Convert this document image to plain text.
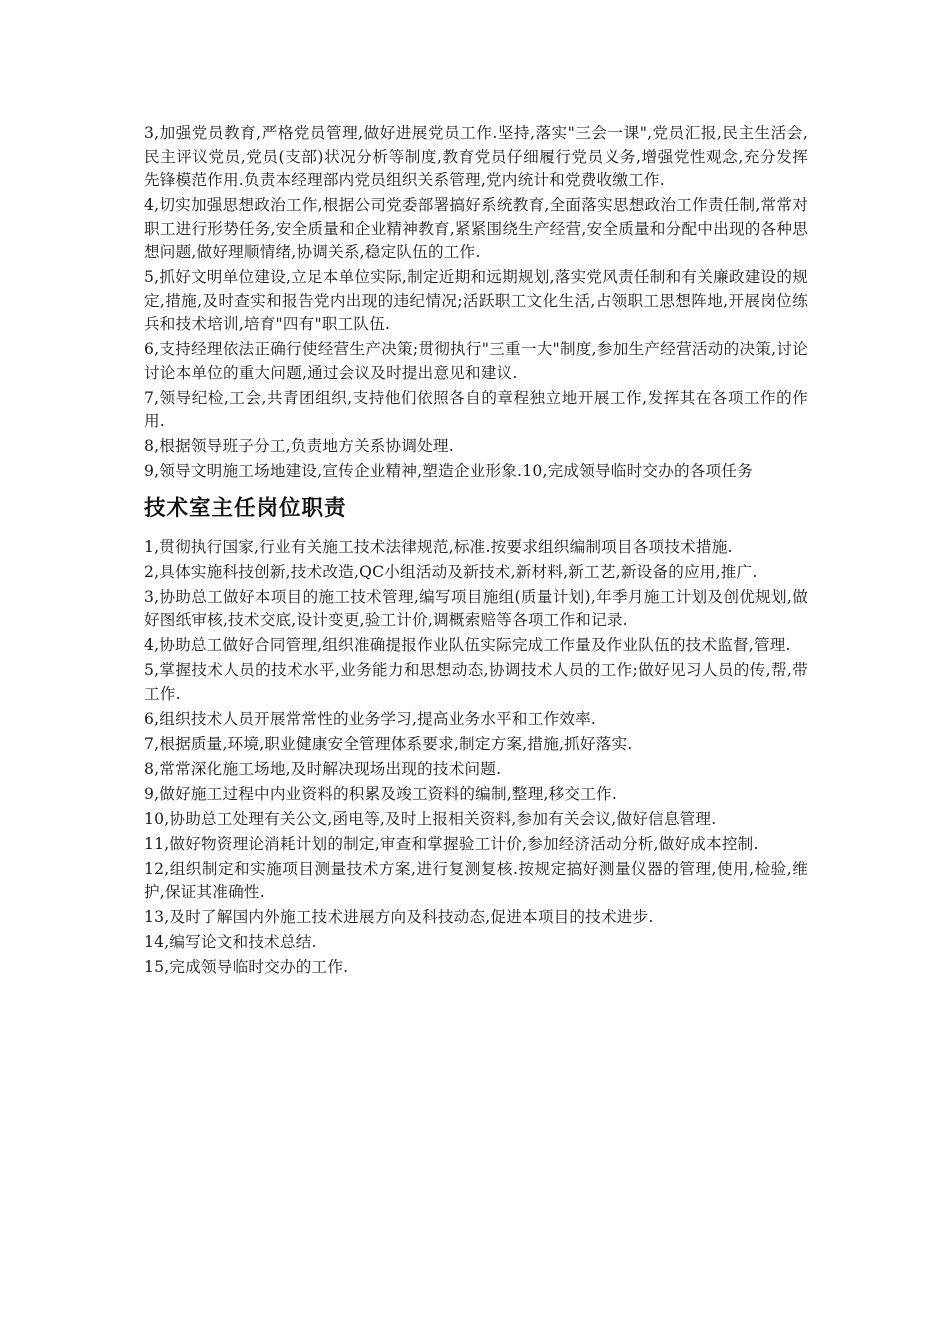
3,加强党员教育,严格党员管理,做好进展党员工作.坚持,落实"三会一课",党员汇报,民主生活会,民主评议党员,党员(支部)状况分析等制度,教育党员仔细履行党员义务,增强党性观念,充分发挥先锋模范作用.负责本经理部内党员组织关系管理,党内统计和党费收缴工作.

4,切实加强思想政治工作,根据公司党委部署搞好系统教育,全面落实思想政治工作责任制,常常对职工进行形势任务,安全质量和企业精神教育,紧紧围绕生产经营,安全质量和分配中出现的各种思想问题,做好理顺情绪,协调关系,稳定队伍的工作.

5,抓好文明单位建设,立足本单位实际,制定近期和远期规划,落实党风责任制和有关廉政建设的规定,措施,及时查实和报告党内出现的违纪情况;活跃职工文化生活,占领职工思想阵地,开展岗位练兵和技术培训,培育"四有"职工队伍.

6,支持经理依法正确行使经营生产决策;贯彻执行"三重一大"制度,参加生产经营活动的决策,讨论讨论本单位的重大问题,通过会议及时提出意见和建议.

7,领导纪检,工会,共青团组织,支持他们依照各自的章程独立地开展工作,发挥其在各项工作的作用.

8,根据领导班子分工,负责地方关系协调处理.

9,领导文明施工场地建设,宣传企业精神,塑造企业形象.10,完成领导临时交办的各项任务

技术室主任岗位职责

1,贯彻执行国家,行业有关施工技术法律规范,标准.按要求组织编制项目各项技术措施.

2,具体实施科技创新,技术改造,QC小组活动及新技术,新材料,新工艺,新设备的应用,推广.

3,协助总工做好本项目的施工技术管理,编写项目施组(质量计划),年季月施工计划及创优规划,做好图纸审核,技术交底,设计变更,验工计价,调概索赔等各项工作和记录.

4,协助总工做好合同管理,组织准确提报作业队伍实际完成工作量及作业队伍的技术监督,管理.

5,掌握技术人员的技术水平,业务能力和思想动态,协调技术人员的工作;做好见习人员的传,帮,带工作.

6,组织技术人员开展常常性的业务学习,提高业务水平和工作效率.

7,根据质量,环境,职业健康安全管理体系要求,制定方案,措施,抓好落实.

8,常常深化施工场地,及时解决现场出现的技术问题.

9,做好施工过程中内业资料的积累及竣工资料的编制,整理,移交工作.

10,协助总工处理有关公文,函电等,及时上报相关资料,参加有关会议,做好信息管理.

11,做好物资理论消耗计划的制定,审查和掌握验工计价,参加经济活动分析,做好成本控制.

12,组织制定和实施项目测量技术方案,进行复测复核.按规定搞好测量仪器的管理,使用,检验,维护,保证其准确性.

13,及时了解国内外施工技术进展方向及科技动态,促进本项目的技术进步.

14,编写论文和技术总结.

15,完成领导临时交办的工作.
